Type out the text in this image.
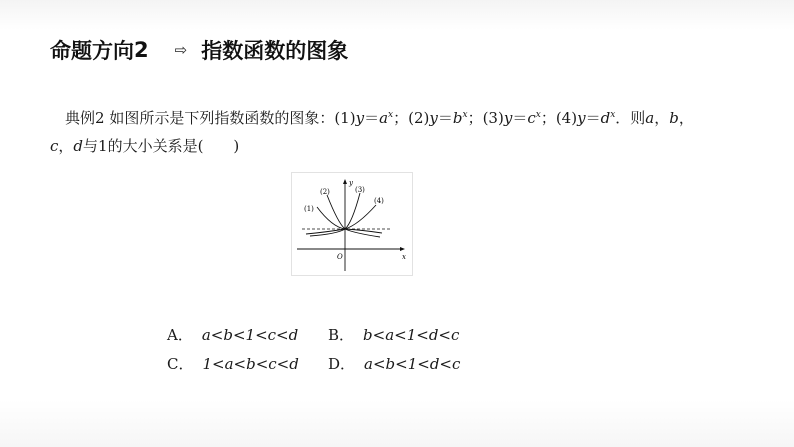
命题方向 2 ⇨ 指数函数的图象
典例2 如图所示是下列指数函数的图象：$(1)y=a^x$；$(2)y=b^x$；$(3)y=c^x$；$(4)y=d^x$．则a，b，
c，d与1的大小关系是(　　)
(1)
(2)	(3)
(4)
y
x
O
A． a<b<1<c<d B． b<a<1<d<c
C． 1<a<b<c<d D． a<b<1<d<c
